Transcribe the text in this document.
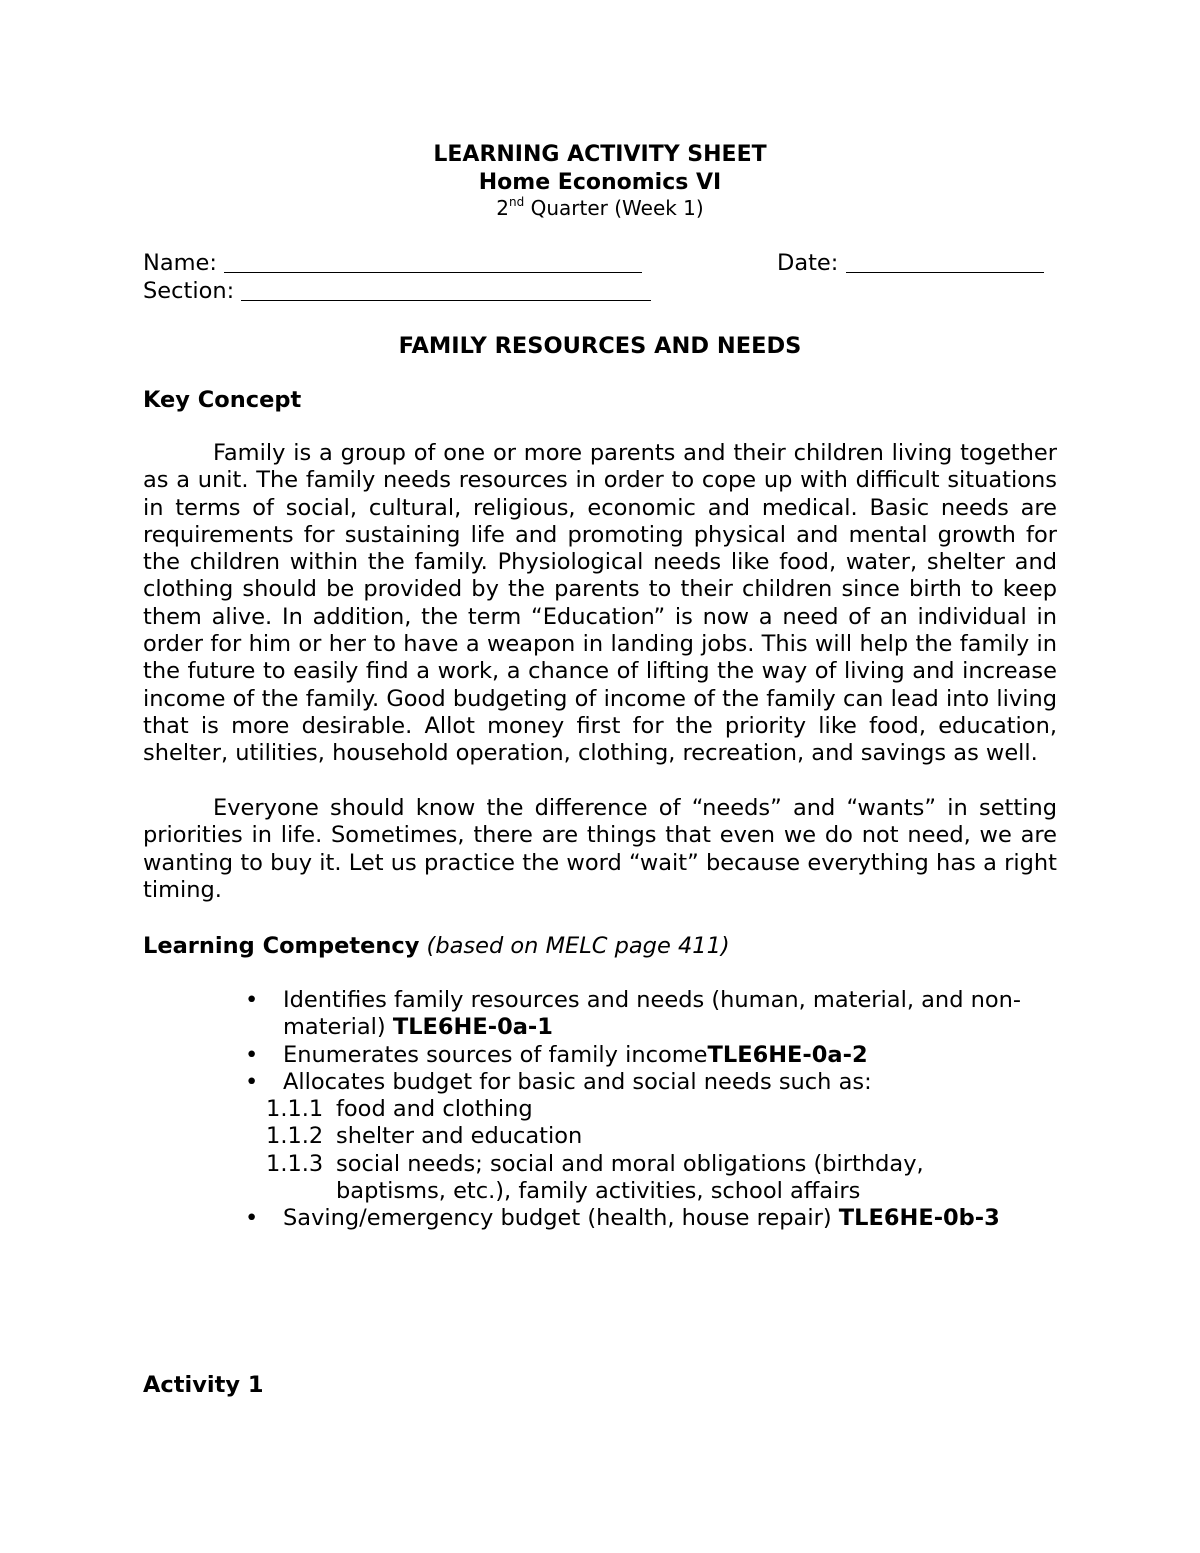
LEARNING ACTIVITY SHEET
Home Economics VI
2nd Quarter (Week 1)
Name:	Date:
Section:
FAMILY RESOURCES AND NEEDS
Key Concept
Family is a group of one or more parents and their children living together as a unit. The family needs resources in order to cope up with difficult situations in terms of social, cultural, religious, economic and medical. Basic needs are requirements for sustaining life and promoting physical and mental growth for the children within the family. Physiological needs like food, water, shelter and clothing should be provided by the parents to their children since birth to keep them alive. In addition, the term “Education” is now a need of an individual in order for him or her to have a weapon in landing jobs. This will help the family in the future to easily find a work, a chance of lifting the way of living and increase income of the family. Good budgeting of income of the family can lead into living that is more desirable. Allot money first for the priority like food, education, shelter, utilities, household operation, clothing, recreation, and savings as well.
Everyone should know the difference of “needs” and “wants” in setting priorities in life. Sometimes, there are things that even we do not need, we are wanting to buy it. Let us practice the word “wait” because everything has a right timing.
Learning Competency (based on MELC page 411)
• Identifies family resources and needs (human, material, and non-material) TLE6HE-0a-1
• Enumerates sources of family incomeTLE6HE-0a-2
• Allocates budget for basic and social needs such as:
1.1.1 food and clothing
1.1.2 shelter and education
1.1.3 social needs; social and moral obligations (birthday,
baptisms, etc.), family activities, school affairs
• Saving/emergency budget (health, house repair) TLE6HE-0b-3
Activity 1
